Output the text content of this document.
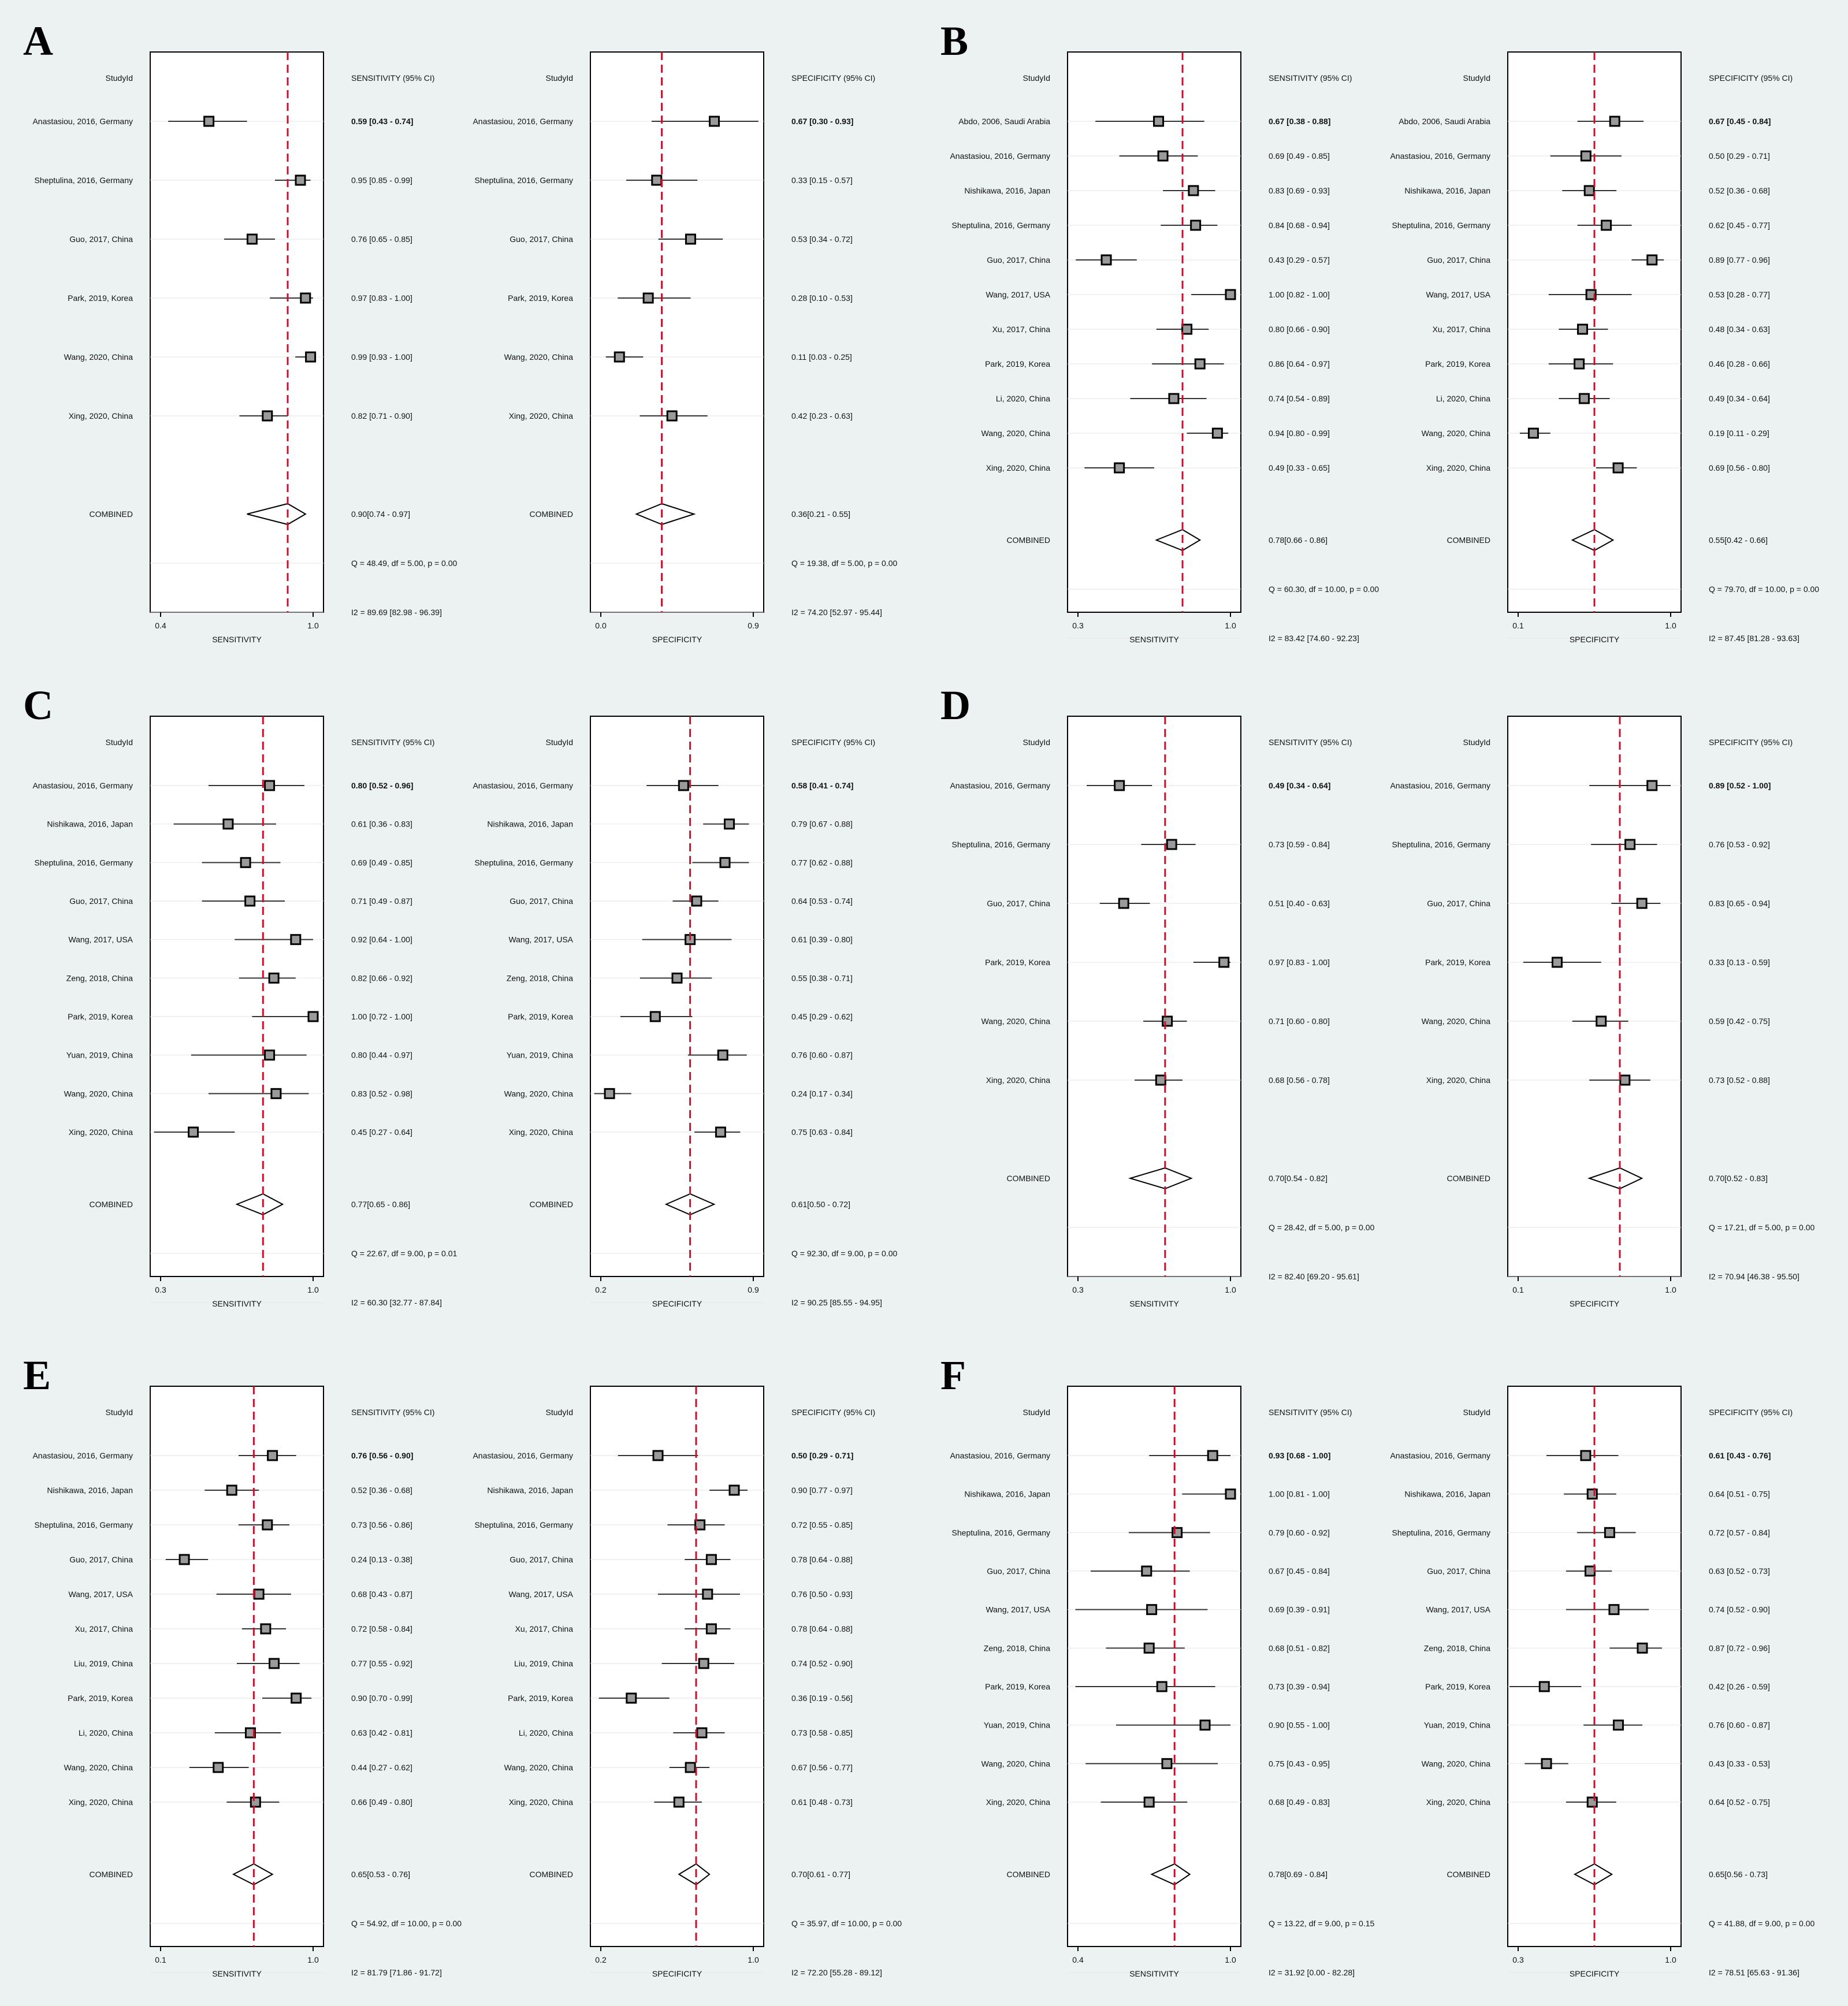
A
StudyId	SENSITIVITY (95% CI)
Anastasiou, 2016, Germany	0.59 [0.43 - 0.74]
Sheptulina, 2016, Germany	0.95 [0.85 - 0.99]
Guo, 2017, China	0.76 [0.65 - 0.85]
Park, 2019, Korea	0.97 [0.83 - 1.00]
Wang, 2020, China	0.99 [0.93 - 1.00]
Xing, 2020, China	0.82 [0.71 - 0.90]
COMBINED	0.90[0.74 - 0.97]
Q = 48.49, df = 5.00, p = 0.00
I2 = 89.69 [82.98 - 96.39]
0.4	1.0
SENSITIVITY
StudyId	SPECIFICITY (95% CI)
Anastasiou, 2016, Germany	0.67 [0.30 - 0.93]
Sheptulina, 2016, Germany	0.33 [0.15 - 0.57]
Guo, 2017, China	0.53 [0.34 - 0.72]
Park, 2019, Korea	0.28 [0.10 - 0.53]
Wang, 2020, China	0.11 [0.03 - 0.25]
Xing, 2020, China	0.42 [0.23 - 0.63]
COMBINED	0.36[0.21 - 0.55]
Q = 19.38, df = 5.00, p = 0.00
I2 = 74.20 [52.97 - 95.44]
0.0	0.9
SPECIFICITY
B
StudyId	SENSITIVITY (95% CI)
Abdo, 2006, Saudi Arabia	0.67 [0.38 - 0.88]
Anastasiou, 2016, Germany	0.69 [0.49 - 0.85]
Nishikawa, 2016, Japan	0.83 [0.69 - 0.93]
Sheptulina, 2016, Germany	0.84 [0.68 - 0.94]
Guo, 2017, China	0.43 [0.29 - 0.57]
Wang, 2017, USA	1.00 [0.82 - 1.00]
Xu, 2017, China	0.80 [0.66 - 0.90]
Park, 2019, Korea	0.86 [0.64 - 0.97]
Li, 2020, China	0.74 [0.54 - 0.89]
Wang, 2020, China	0.94 [0.80 - 0.99]
Xing, 2020, China	0.49 [0.33 - 0.65]
COMBINED	0.78[0.66 - 0.86]
Q = 60.30, df = 10.00, p = 0.00
I2 = 83.42 [74.60 - 92.23]
0.3	1.0
SENSITIVITY
StudyId	SPECIFICITY (95% CI)
Abdo, 2006, Saudi Arabia	0.67 [0.45 - 0.84]
Anastasiou, 2016, Germany	0.50 [0.29 - 0.71]
Nishikawa, 2016, Japan	0.52 [0.36 - 0.68]
Sheptulina, 2016, Germany	0.62 [0.45 - 0.77]
Guo, 2017, China	0.89 [0.77 - 0.96]
Wang, 2017, USA	0.53 [0.28 - 0.77]
Xu, 2017, China	0.48 [0.34 - 0.63]
Park, 2019, Korea	0.46 [0.28 - 0.66]
Li, 2020, China	0.49 [0.34 - 0.64]
Wang, 2020, China	0.19 [0.11 - 0.29]
Xing, 2020, China	0.69 [0.56 - 0.80]
COMBINED	0.55[0.42 - 0.66]
Q = 79.70, df = 10.00, p = 0.00
I2 = 87.45 [81.28 - 93.63]
0.1	1.0
SPECIFICITY
C
StudyId	SENSITIVITY (95% CI)
Anastasiou, 2016, Germany	0.80 [0.52 - 0.96]
Nishikawa, 2016, Japan	0.61 [0.36 - 0.83]
Sheptulina, 2016, Germany	0.69 [0.49 - 0.85]
Guo, 2017, China	0.71 [0.49 - 0.87]
Wang, 2017, USA	0.92 [0.64 - 1.00]
Zeng, 2018, China	0.82 [0.66 - 0.92]
Park, 2019, Korea	1.00 [0.72 - 1.00]
Yuan, 2019, China	0.80 [0.44 - 0.97]
Wang, 2020, China	0.83 [0.52 - 0.98]
Xing, 2020, China	0.45 [0.27 - 0.64]
COMBINED	0.77[0.65 - 0.86]
Q = 22.67, df = 9.00, p = 0.01
I2 = 60.30 [32.77 - 87.84]
0.3	1.0
SENSITIVITY
StudyId	SPECIFICITY (95% CI)
Anastasiou, 2016, Germany	0.58 [0.41 - 0.74]
Nishikawa, 2016, Japan	0.79 [0.67 - 0.88]
Sheptulina, 2016, Germany	0.77 [0.62 - 0.88]
Guo, 2017, China	0.64 [0.53 - 0.74]
Wang, 2017, USA	0.61 [0.39 - 0.80]
Zeng, 2018, China	0.55 [0.38 - 0.71]
Park, 2019, Korea	0.45 [0.29 - 0.62]
Yuan, 2019, China	0.76 [0.60 - 0.87]
Wang, 2020, China	0.24 [0.17 - 0.34]
Xing, 2020, China	0.75 [0.63 - 0.84]
COMBINED	0.61[0.50 - 0.72]
Q = 92.30, df = 9.00, p = 0.00
I2 = 90.25 [85.55 - 94.95]
0.2	0.9
SPECIFICITY
D
StudyId	SENSITIVITY (95% CI)
Anastasiou, 2016, Germany	0.49 [0.34 - 0.64]
Sheptulina, 2016, Germany	0.73 [0.59 - 0.84]
Guo, 2017, China	0.51 [0.40 - 0.63]
Park, 2019, Korea	0.97 [0.83 - 1.00]
Wang, 2020, China	0.71 [0.60 - 0.80]
Xing, 2020, China	0.68 [0.56 - 0.78]
COMBINED	0.70[0.54 - 0.82]
Q = 28.42, df = 5.00, p = 0.00
I2 = 82.40 [69.20 - 95.61]
0.3	1.0
SENSITIVITY
StudyId	SPECIFICITY (95% CI)
Anastasiou, 2016, Germany	0.89 [0.52 - 1.00]
Sheptulina, 2016, Germany	0.76 [0.53 - 0.92]
Guo, 2017, China	0.83 [0.65 - 0.94]
Park, 2019, Korea	0.33 [0.13 - 0.59]
Wang, 2020, China	0.59 [0.42 - 0.75]
Xing, 2020, China	0.73 [0.52 - 0.88]
COMBINED	0.70[0.52 - 0.83]
Q = 17.21, df = 5.00, p = 0.00
I2 = 70.94 [46.38 - 95.50]
0.1	1.0
SPECIFICITY
E
StudyId	SENSITIVITY (95% CI)
Anastasiou, 2016, Germany	0.76 [0.56 - 0.90]
Nishikawa, 2016, Japan	0.52 [0.36 - 0.68]
Sheptulina, 2016, Germany	0.73 [0.56 - 0.86]
Guo, 2017, China	0.24 [0.13 - 0.38]
Wang, 2017, USA	0.68 [0.43 - 0.87]
Xu, 2017, China	0.72 [0.58 - 0.84]
Liu, 2019, China	0.77 [0.55 - 0.92]
Park, 2019, Korea	0.90 [0.70 - 0.99]
Li, 2020, China	0.63 [0.42 - 0.81]
Wang, 2020, China	0.44 [0.27 - 0.62]
Xing, 2020, China	0.66 [0.49 - 0.80]
COMBINED	0.65[0.53 - 0.76]
Q = 54.92, df = 10.00, p = 0.00
I2 = 81.79 [71.86 - 91.72]
0.1	1.0
SENSITIVITY
StudyId	SPECIFICITY (95% CI)
Anastasiou, 2016, Germany	0.50 [0.29 - 0.71]
Nishikawa, 2016, Japan	0.90 [0.77 - 0.97]
Sheptulina, 2016, Germany	0.72 [0.55 - 0.85]
Guo, 2017, China	0.78 [0.64 - 0.88]
Wang, 2017, USA	0.76 [0.50 - 0.93]
Xu, 2017, China	0.78 [0.64 - 0.88]
Liu, 2019, China	0.74 [0.52 - 0.90]
Park, 2019, Korea	0.36 [0.19 - 0.56]
Li, 2020, China	0.73 [0.58 - 0.85]
Wang, 2020, China	0.67 [0.56 - 0.77]
Xing, 2020, China	0.61 [0.48 - 0.73]
COMBINED	0.70[0.61 - 0.77]
Q = 35.97, df = 10.00, p = 0.00
I2 = 72.20 [55.28 - 89.12]
0.2	1.0
SPECIFICITY
F
StudyId	SENSITIVITY (95% CI)
Anastasiou, 2016, Germany	0.93 [0.68 - 1.00]
Nishikawa, 2016, Japan	1.00 [0.81 - 1.00]
Sheptulina, 2016, Germany	0.79 [0.60 - 0.92]
Guo, 2017, China	0.67 [0.45 - 0.84]
Wang, 2017, USA	0.69 [0.39 - 0.91]
Zeng, 2018, China	0.68 [0.51 - 0.82]
Park, 2019, Korea	0.73 [0.39 - 0.94]
Yuan, 2019, China	0.90 [0.55 - 1.00]
Wang, 2020, China	0.75 [0.43 - 0.95]
Xing, 2020, China	0.68 [0.49 - 0.83]
COMBINED	0.78[0.69 - 0.84]
Q = 13.22, df = 9.00, p = 0.15
I2 = 31.92 [0.00 - 82.28]
0.4	1.0
SENSITIVITY
StudyId	SPECIFICITY (95% CI)
Anastasiou, 2016, Germany	0.61 [0.43 - 0.76]
Nishikawa, 2016, Japan	0.64 [0.51 - 0.75]
Sheptulina, 2016, Germany	0.72 [0.57 - 0.84]
Guo, 2017, China	0.63 [0.52 - 0.73]
Wang, 2017, USA	0.74 [0.52 - 0.90]
Zeng, 2018, China	0.87 [0.72 - 0.96]
Park, 2019, Korea	0.42 [0.26 - 0.59]
Yuan, 2019, China	0.76 [0.60 - 0.87]
Wang, 2020, China	0.43 [0.33 - 0.53]
Xing, 2020, China	0.64 [0.52 - 0.75]
COMBINED	0.65[0.56 - 0.73]
Q = 41.88, df = 9.00, p = 0.00
I2 = 78.51 [65.63 - 91.36]
0.3	1.0
SPECIFICITY
